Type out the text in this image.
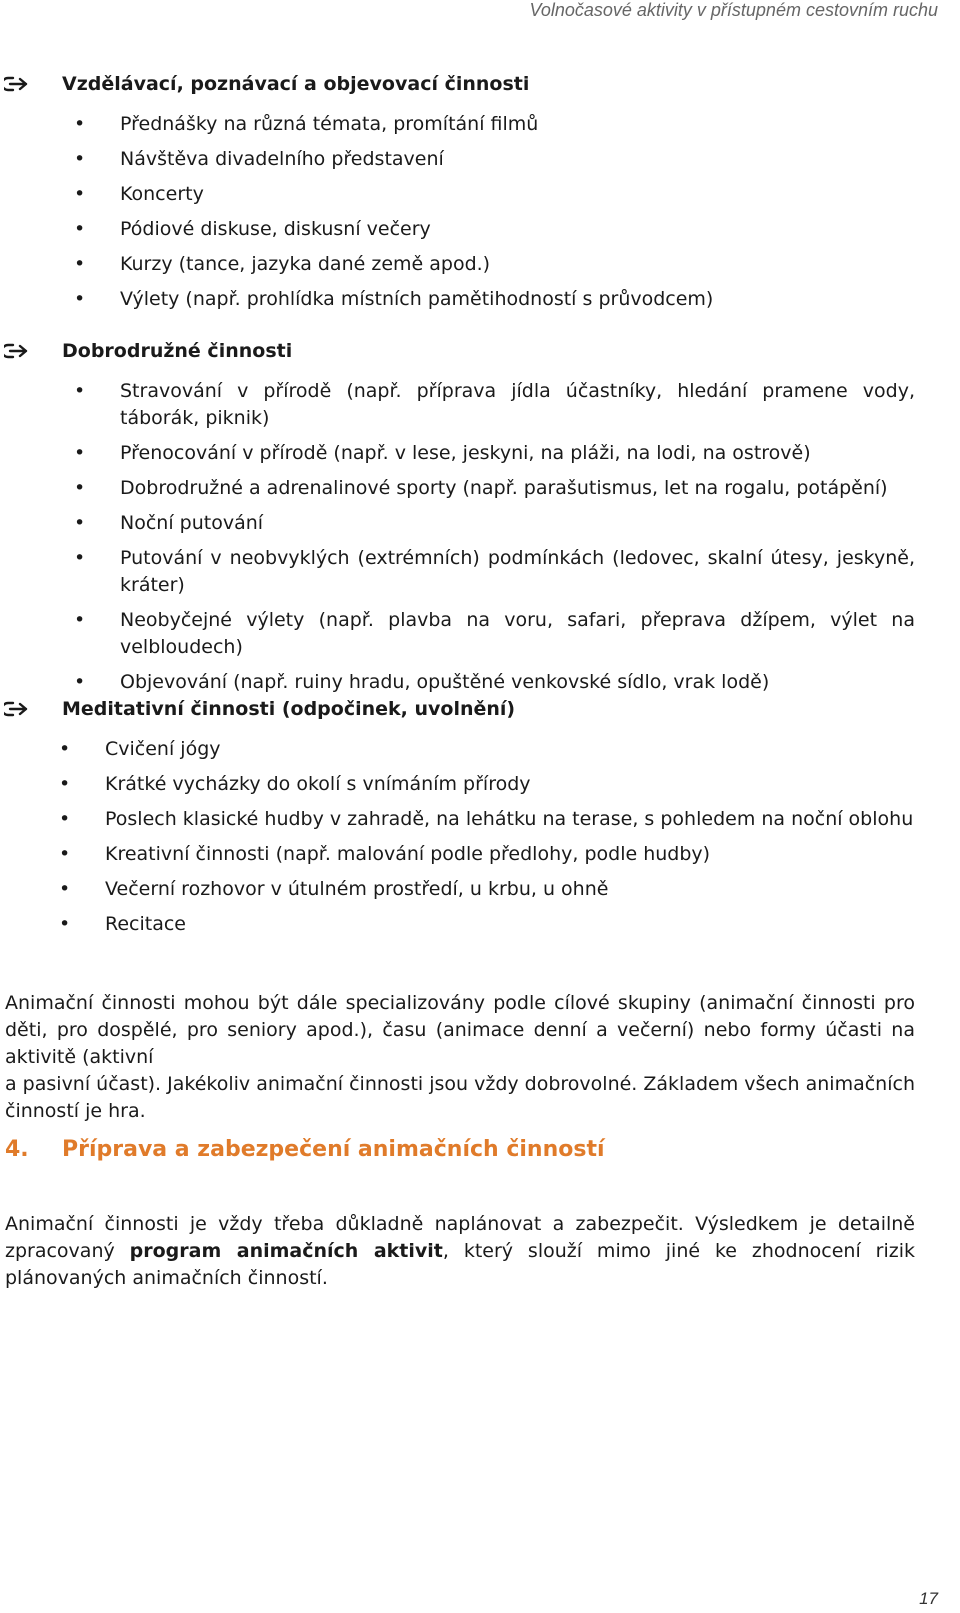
Volnočasové aktivity v přístupném cestovním ruchu
Vzdělávací, poznávací a objevovací činnosti
• Přednášky na různá témata, promítání filmů
• Návštěva divadelního představení
• Koncerty
• Pódiové diskuse, diskusní večery
• Kurzy (tance, jazyka dané země apod.)
• Výlety (např. prohlídka místních pamětihodností s průvodcem)
Dobrodružné činnosti
• Stravování v přírodě (např. příprava jídla účastníky, hledání pramene vody, táborák, piknik)
• Přenocování v přírodě (např. v lese, jeskyni, na pláži, na lodi, na ostrově)
• Dobrodružné a adrenalinové sporty (např. parašutismus, let na rogalu, potápění)
• Noční putování
• Putování v neobvyklých (extrémních) podmínkách (ledovec, skalní útesy, jeskyně, kráter)
• Neobyčejné výlety (např. plavba na voru, safari, přeprava džípem, výlet na velbloudech)
• Objevování (např. ruiny hradu, opuštěné venkovské sídlo, vrak lodě)
Meditativní činnosti (odpočinek, uvolnění)
• Cvičení jógy
• Krátké vycházky do okolí s vnímáním přírody
• Poslech klasické hudby v zahradě, na lehátku na terase, s pohledem na noční oblohu
• Kreativní činnosti (např. malování podle předlohy, podle hudby)
• Večerní rozhovor v útulném prostředí, u krbu, u ohně
• Recitace
Animační činnosti mohou být dále specializovány podle cílové skupiny (animační činnosti pro děti, pro dospělé, pro seniory apod.), času (animace denní a večerní) nebo formy účasti na aktivitě (aktivní
a pasivní účast). Jakékoliv animační činnosti jsou vždy dobrovolné. Základem všech animačních činností je hra.
4. Příprava a zabezpečení animačních činností
Animační činnosti je vždy třeba důkladně naplánovat a zabezpečit. Výsledkem je detailně zpracovaný program animačních aktivit, který slouží mimo jiné ke zhodnocení rizik plánovaných animačních činností.
17
